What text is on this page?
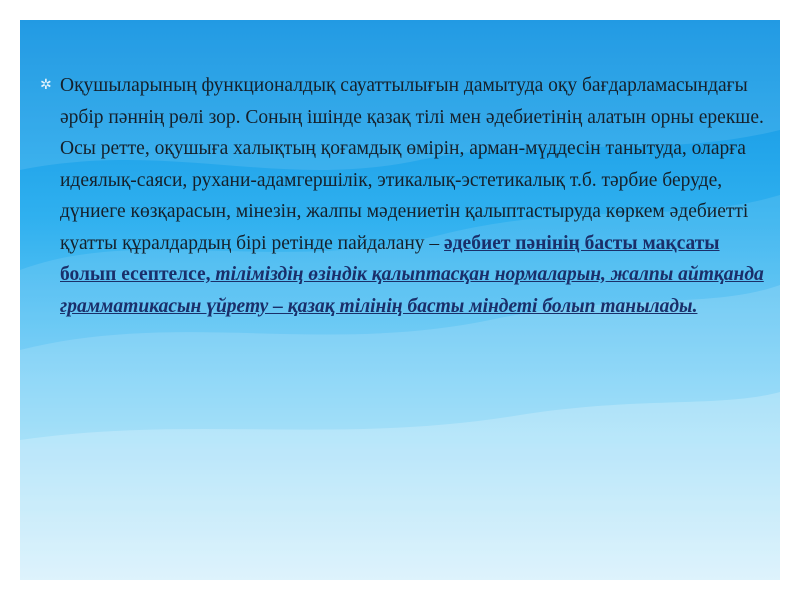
✲ Оқушыларының функционалдық сауаттылығын дамытуда оқу бағдарламасындағы әрбір пәннің рөлі зор. Соның ішінде қазақ тілі мен әдебиетінің алатын орны ерекше. Осы ретте, оқушыға халықтың қоғамдық өмірін, арман-мүддесін танытуда, оларға идеялық-саяси, рухани-адамгершілік, этикалық-эстетикалық т.б. тәрбие беруде, дүниеге көзқарасын, мінезін, жалпы мәдениетін қалыптастыруда көркем әдебиетті қуатты құралдардың бірі ретінде пайдалану – әдебиет пәнінің басты мақсаты болып есептелсе, тіліміздің өзіндік қалыптасқан нормаларын, жалпы айтқанда грамматикасын үйрету – қазақ тілінің басты міндеті болып танылады.
